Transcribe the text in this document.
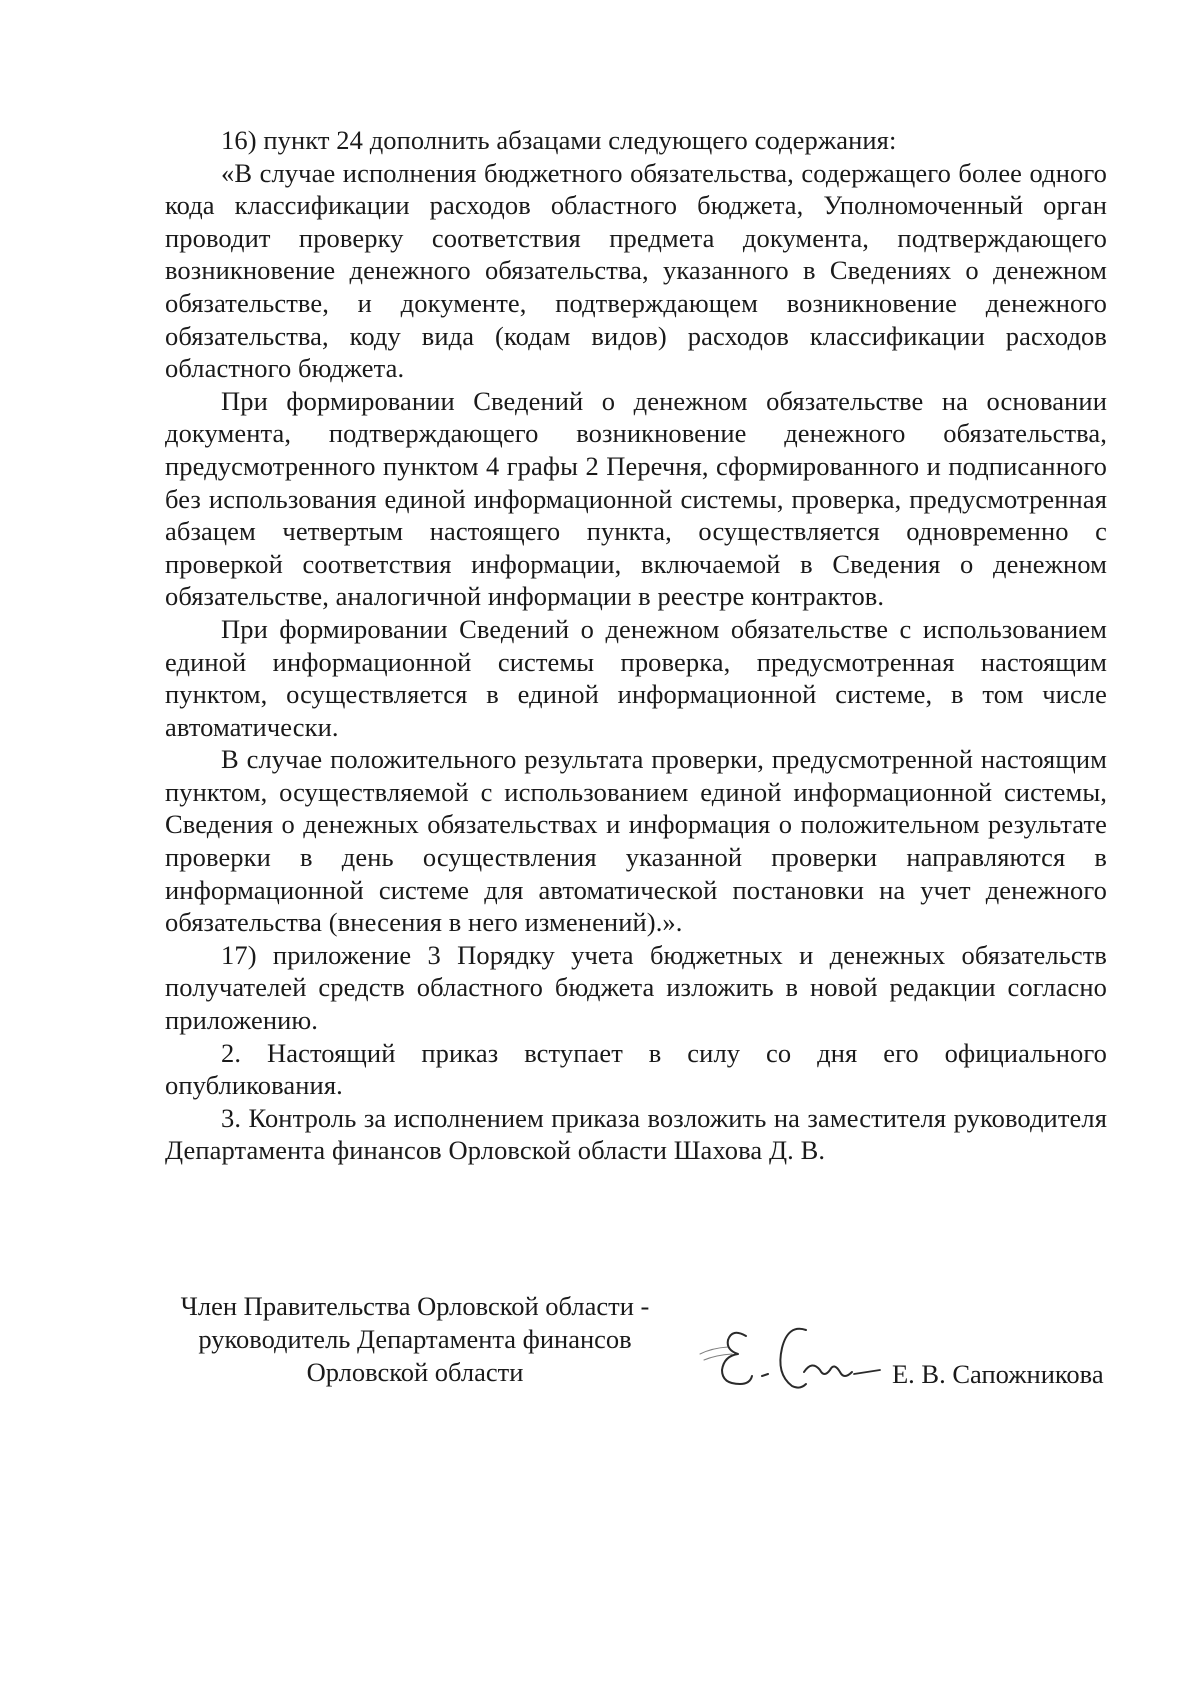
16) пункт 24 дополнить абзацами следующего содержания:

«В случае исполнения бюджетного обязательства, содержащего более одного кода классификации расходов областного бюджета, Уполномоченный орган проводит проверку соответствия предмета документа, подтверждающего возникновение денежного обязательства, указанного в Сведениях о денежном обязательстве, и документе, подтверждающем возникновение денежного обязательства, коду вида (кодам видов) расходов классификации расходов областного бюджета.

При формировании Сведений о денежном обязательстве на основании документа, подтверждающего возникновение денежного обязательства, предусмотренного пунктом 4 графы 2 Перечня, сформированного и подписанного без использования единой информационной системы, проверка, предусмотренная абзацем четвертым настоящего пункта, осуществляется одновременно с проверкой соответствия информации, включаемой в Сведения о денежном обязательстве, аналогичной информации в реестре контрактов.

При формировании Сведений о денежном обязательстве с использованием единой информационной системы проверка, предусмотренная настоящим пунктом, осуществляется в единой информационной системе, в том числе автоматически.

В случае положительного результата проверки, предусмотренной настоящим пунктом, осуществляемой с использованием единой информационной системы, Сведения о денежных обязательствах и информация о положительном результате проверки в день осуществления указанной проверки направляются в информационной системе для автоматической постановки на учет денежного обязательства (внесения в него изменений).».

17) приложение 3 Порядку учета бюджетных и денежных обязательств получателей средств областного бюджета изложить в новой редакции согласно приложению.

2. Настоящий приказ вступает в силу со дня его официального опубликования.

3. Контроль за исполнением приказа возложить на заместителя руководителя Департамента финансов Орловской области Шахова Д. В.

Член Правительства Орловской области -
руководитель Департамента финансов
Орловской области	Е. В. Сапожникова
